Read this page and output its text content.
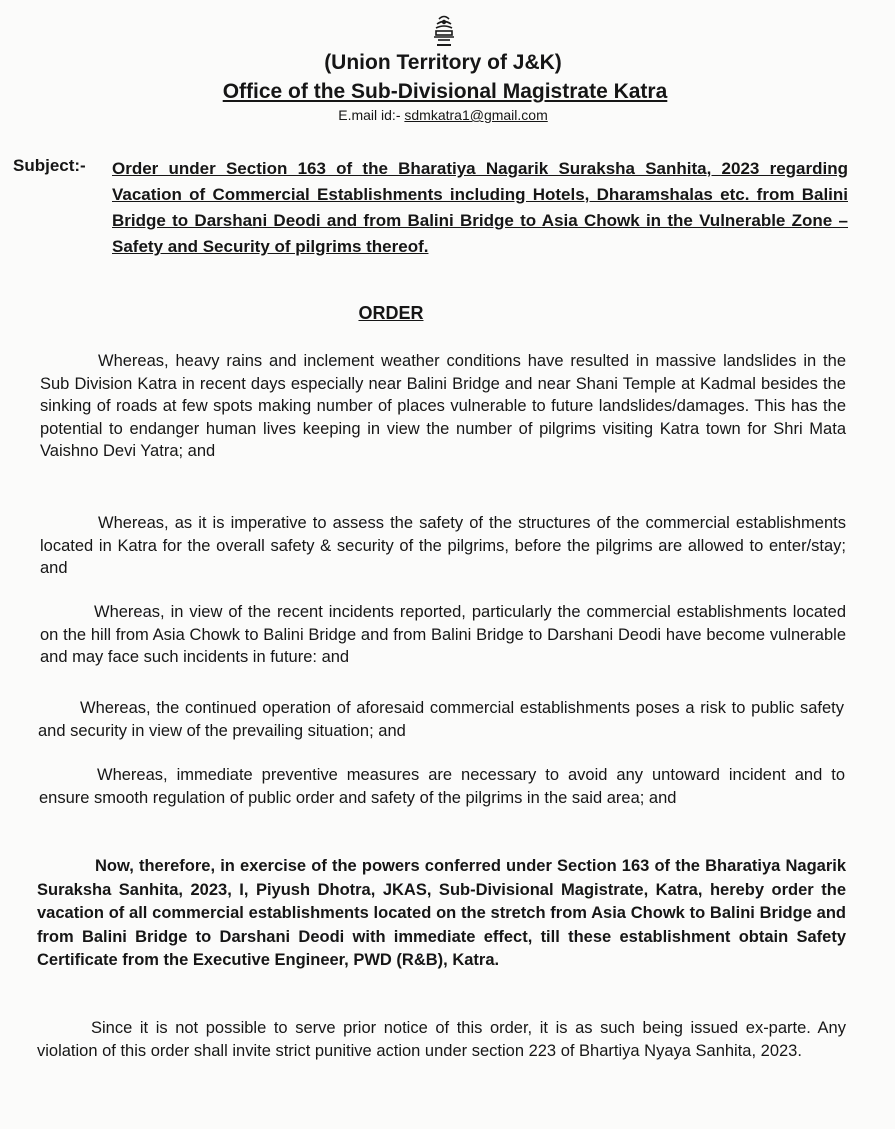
(Union Territory of J&K)
Office of the Sub-Divisional Magistrate Katra
E.mail id:- sdmkatra1@gmail.com
Subject:- Order under Section 163 of the Bharatiya Nagarik Suraksha Sanhita, 2023 regarding Vacation of Commercial Establishments including Hotels, Dharamshalas etc. from Balini Bridge to Darshani Deodi and from Balini Bridge to Asia Chowk in the Vulnerable Zone – Safety and Security of pilgrims thereof.
ORDER
Whereas, heavy rains and inclement weather conditions have resulted in massive landslides in the Sub Division Katra in recent days especially near Balini Bridge and near Shani Temple at Kadmal besides the sinking of roads at few spots making number of places vulnerable to future landslides/damages. This has the potential to endanger human lives keeping in view the number of pilgrims visiting Katra town for Shri Mata Vaishno Devi Yatra; and
Whereas, as it is imperative to assess the safety of the structures of the commercial establishments located in Katra for the overall safety & security of the pilgrims, before the pilgrims are allowed to enter/stay; and
Whereas, in view of the recent incidents reported, particularly the commercial establishments located on the hill from Asia Chowk to Balini Bridge and from Balini Bridge to Darshani Deodi have become vulnerable and may face such incidents in future: and
Whereas, the continued operation of aforesaid commercial establishments poses a risk to public safety and security in view of the prevailing situation; and
Whereas, immediate preventive measures are necessary to avoid any untoward incident and to ensure smooth regulation of public order and safety of the pilgrims in the said area; and
Now, therefore, in exercise of the powers conferred under Section 163 of the Bharatiya Nagarik Suraksha Sanhita, 2023, I, Piyush Dhotra, JKAS, Sub-Divisional Magistrate, Katra, hereby order the vacation of all commercial establishments located on the stretch from Asia Chowk to Balini Bridge and from Balini Bridge to Darshani Deodi with immediate effect, till these establishment obtain Safety Certificate from the Executive Engineer, PWD (R&B), Katra.
Since it is not possible to serve prior notice of this order, it is as such being issued ex-parte. Any violation of this order shall invite strict punitive action under section 223 of Bhartiya Nyaya Sanhita, 2023.
